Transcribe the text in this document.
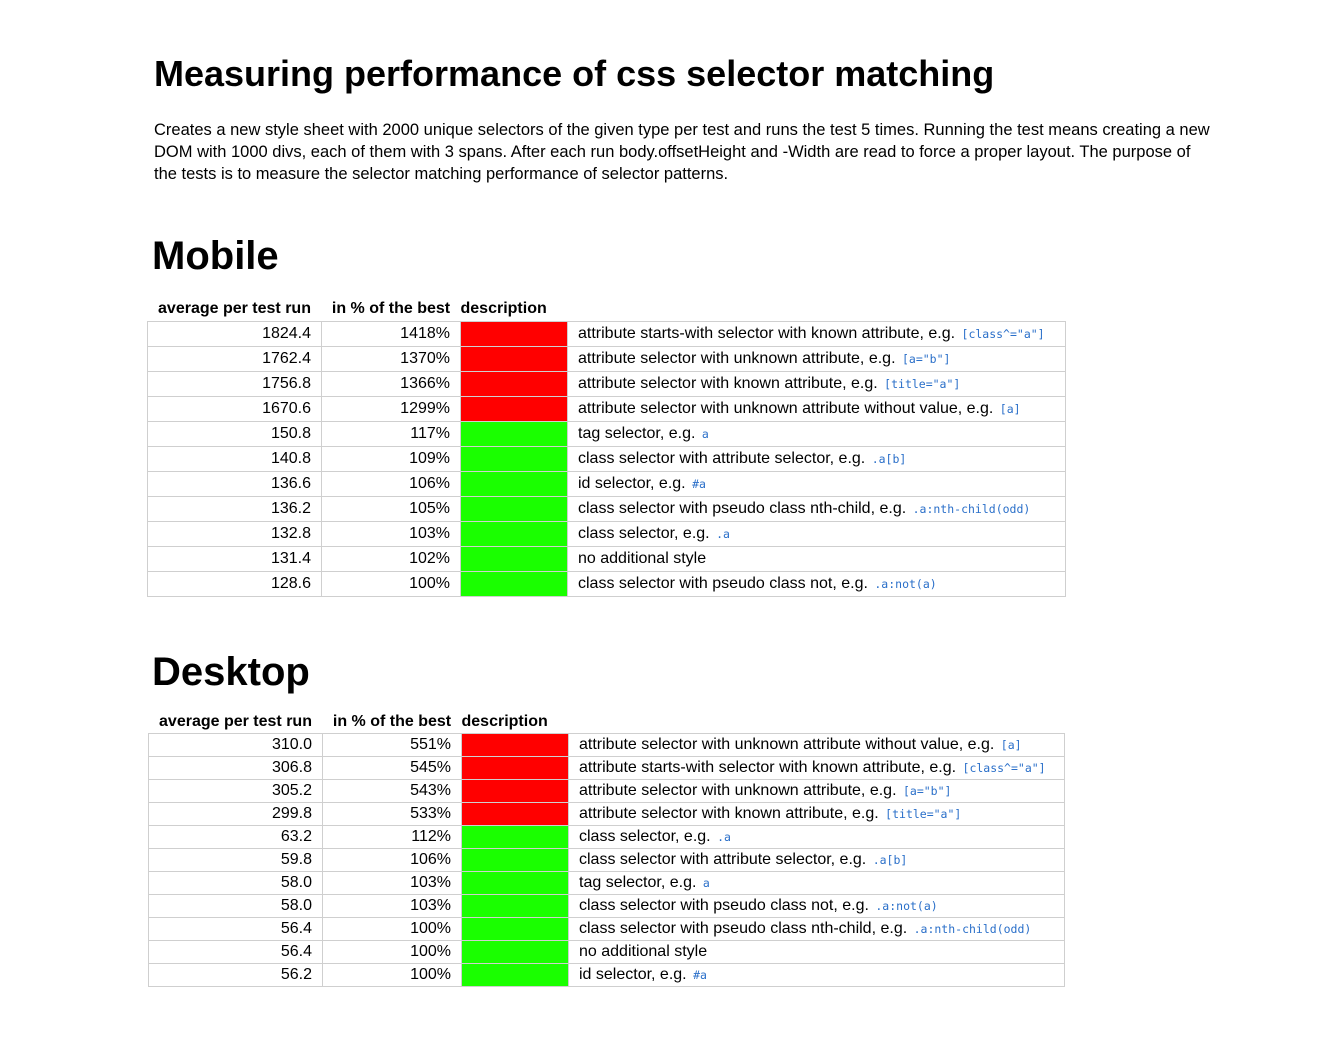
Measuring performance of css selector matching

Creates a new style sheet with 2000 unique selectors of the given type per test and runs the test 5 times. Running the test means creating a new DOM with 1000 divs, each of them with 3 spans. After each run body.offsetHeight and -Width are read to force a proper layout. The purpose of the tests is to measure the selector matching performance of selector patterns.

Mobile
average per test run	in % of the best	description	
1824.4	1418%		attribute starts-with selector with known attribute, e.g. [class^="a"]
1762.4	1370%		attribute selector with unknown attribute, e.g. [a="b"]
1756.8	1366%		attribute selector with known attribute, e.g. [title="a"]
1670.6	1299%		attribute selector with unknown attribute without value, e.g. [a]
150.8	117%		tag selector, e.g. a
140.8	109%		class selector with attribute selector, e.g. .a[b]
136.6	106%		id selector, e.g. #a
136.2	105%		class selector with pseudo class nth-child, e.g. .a:nth-child(odd)
132.8	103%		class selector, e.g. .a
131.4	102%		no additional style
128.6	100%		class selector with pseudo class not, e.g. .a:not(a)
Desktop
average per test run	in % of the best	description	
310.0	551%		attribute selector with unknown attribute without value, e.g. [a]
306.8	545%		attribute starts-with selector with known attribute, e.g. [class^="a"]
305.2	543%		attribute selector with unknown attribute, e.g. [a="b"]
299.8	533%		attribute selector with known attribute, e.g. [title="a"]
63.2	112%		class selector, e.g. .a
59.8	106%		class selector with attribute selector, e.g. .a[b]
58.0	103%		tag selector, e.g. a
58.0	103%		class selector with pseudo class not, e.g. .a:not(a)
56.4	100%		class selector with pseudo class nth-child, e.g. .a:nth-child(odd)
56.4	100%		no additional style
56.2	100%		id selector, e.g. #a
